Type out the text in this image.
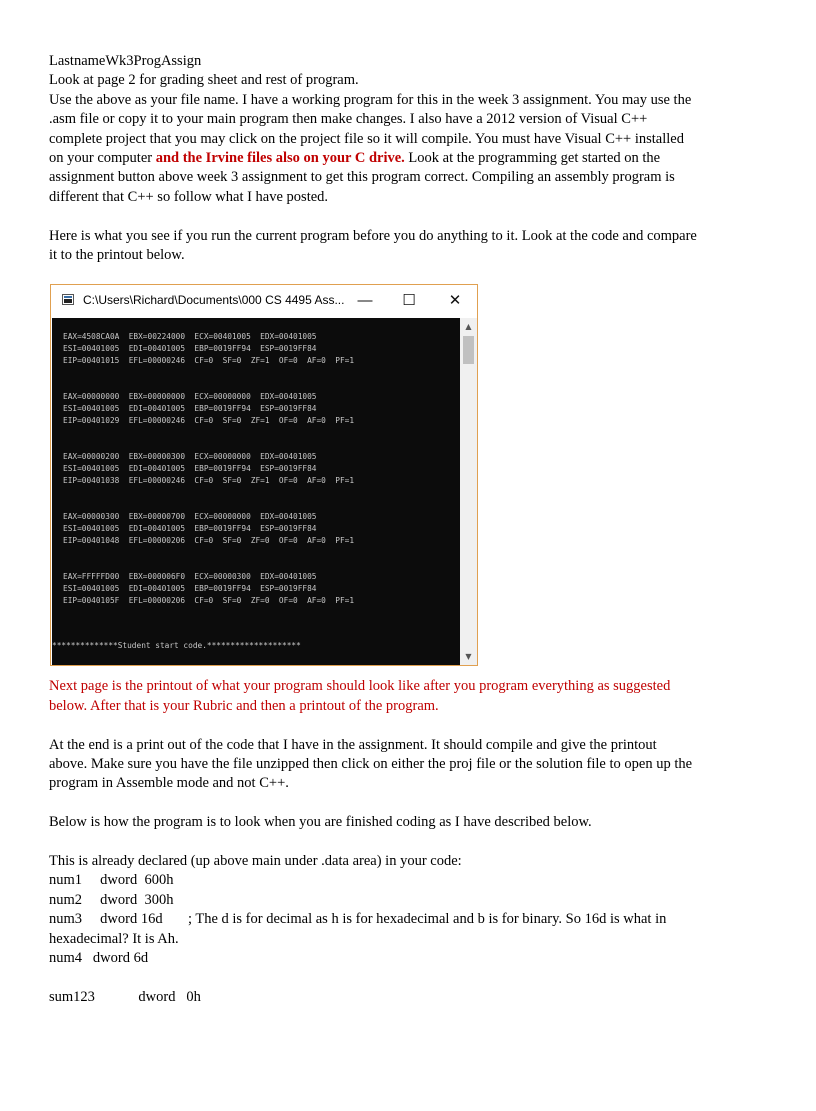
LastnameWk3ProgAssign
Look at page 2 for grading sheet and rest of program.
Use the above as your file name. I have a working program for this in the week 3 assignment. You may use the
.asm file or copy it to your main program then make changes. I also have a 2012 version of Visual C++
complete project that you may click on the project file so it will compile. You must have Visual C++ installed
on your computer and the Irvine files also on your C drive. Look at the programming get started on the
assignment button above week 3 assignment to get this program correct. Compiling an assembly program is
different that C++ so follow what I have posted.
Here is what you see if you run the current program before you do anything to it. Look at the code and compare
it to the printout below.
Next page is the printout of what your program should look like after you program everything as suggested
below. After that is your Rubric and then a printout of the program.
At the end is a print out of the code that I have in the assignment. It should compile and give the printout
above. Make sure you have the file unzipped then click on either the proj file or the solution file to open up the
program in Assemble mode and not C++.
Below is how the program is to look when you are finished coding as I have described below.
This is already declared (up above main under .data area) in your code:
num1     dword  600h
num2     dword  300h
num3     dword 16d       ; The d is for decimal as h is for hexadecimal and b is for binary. So 16d is what in
hexadecimal? It is Ah.
num4   dword 6d
sum123            dword   0h
C:\Users\Richard\Documents\000 CS 4495 Ass... —	☐	✕
EAX=4508CA0A  EBX=00224000  ECX=00401005  EDX=00401005
ESI=00401005  EDI=00401005  EBP=0019FF94  ESP=0019FF84
EIP=00401015  EFL=00000246  CF=0  SF=0  ZF=1  OF=0  AF=0  PF=1

EAX=00000000  EBX=00000000  ECX=00000000  EDX=00401005
ESI=00401005  EDI=00401005  EBP=0019FF94  ESP=0019FF84
EIP=00401029  EFL=00000246  CF=0  SF=0  ZF=1  OF=0  AF=0  PF=1

EAX=00000200  EBX=00000300  ECX=00000000  EDX=00401005
ESI=00401005  EDI=00401005  EBP=0019FF94  ESP=0019FF84
EIP=00401038  EFL=00000246  CF=0  SF=0  ZF=1  OF=0  AF=0  PF=1

EAX=00000300  EBX=00000700  ECX=00000000  EDX=00401005
ESI=00401005  EDI=00401005  EBP=0019FF94  ESP=0019FF84
EIP=00401048  EFL=00000206  CF=0  SF=0  ZF=0  OF=0  AF=0  PF=1

EAX=FFFFFD00  EBX=000006F0  ECX=00000300  EDX=00401005
ESI=00401005  EDI=00401005  EBP=0019FF94  ESP=0019FF84
EIP=0040105F  EFL=00000206  CF=0  SF=0  ZF=0  OF=0  AF=0  PF=1
**************Student start code.********************
▲
▼
